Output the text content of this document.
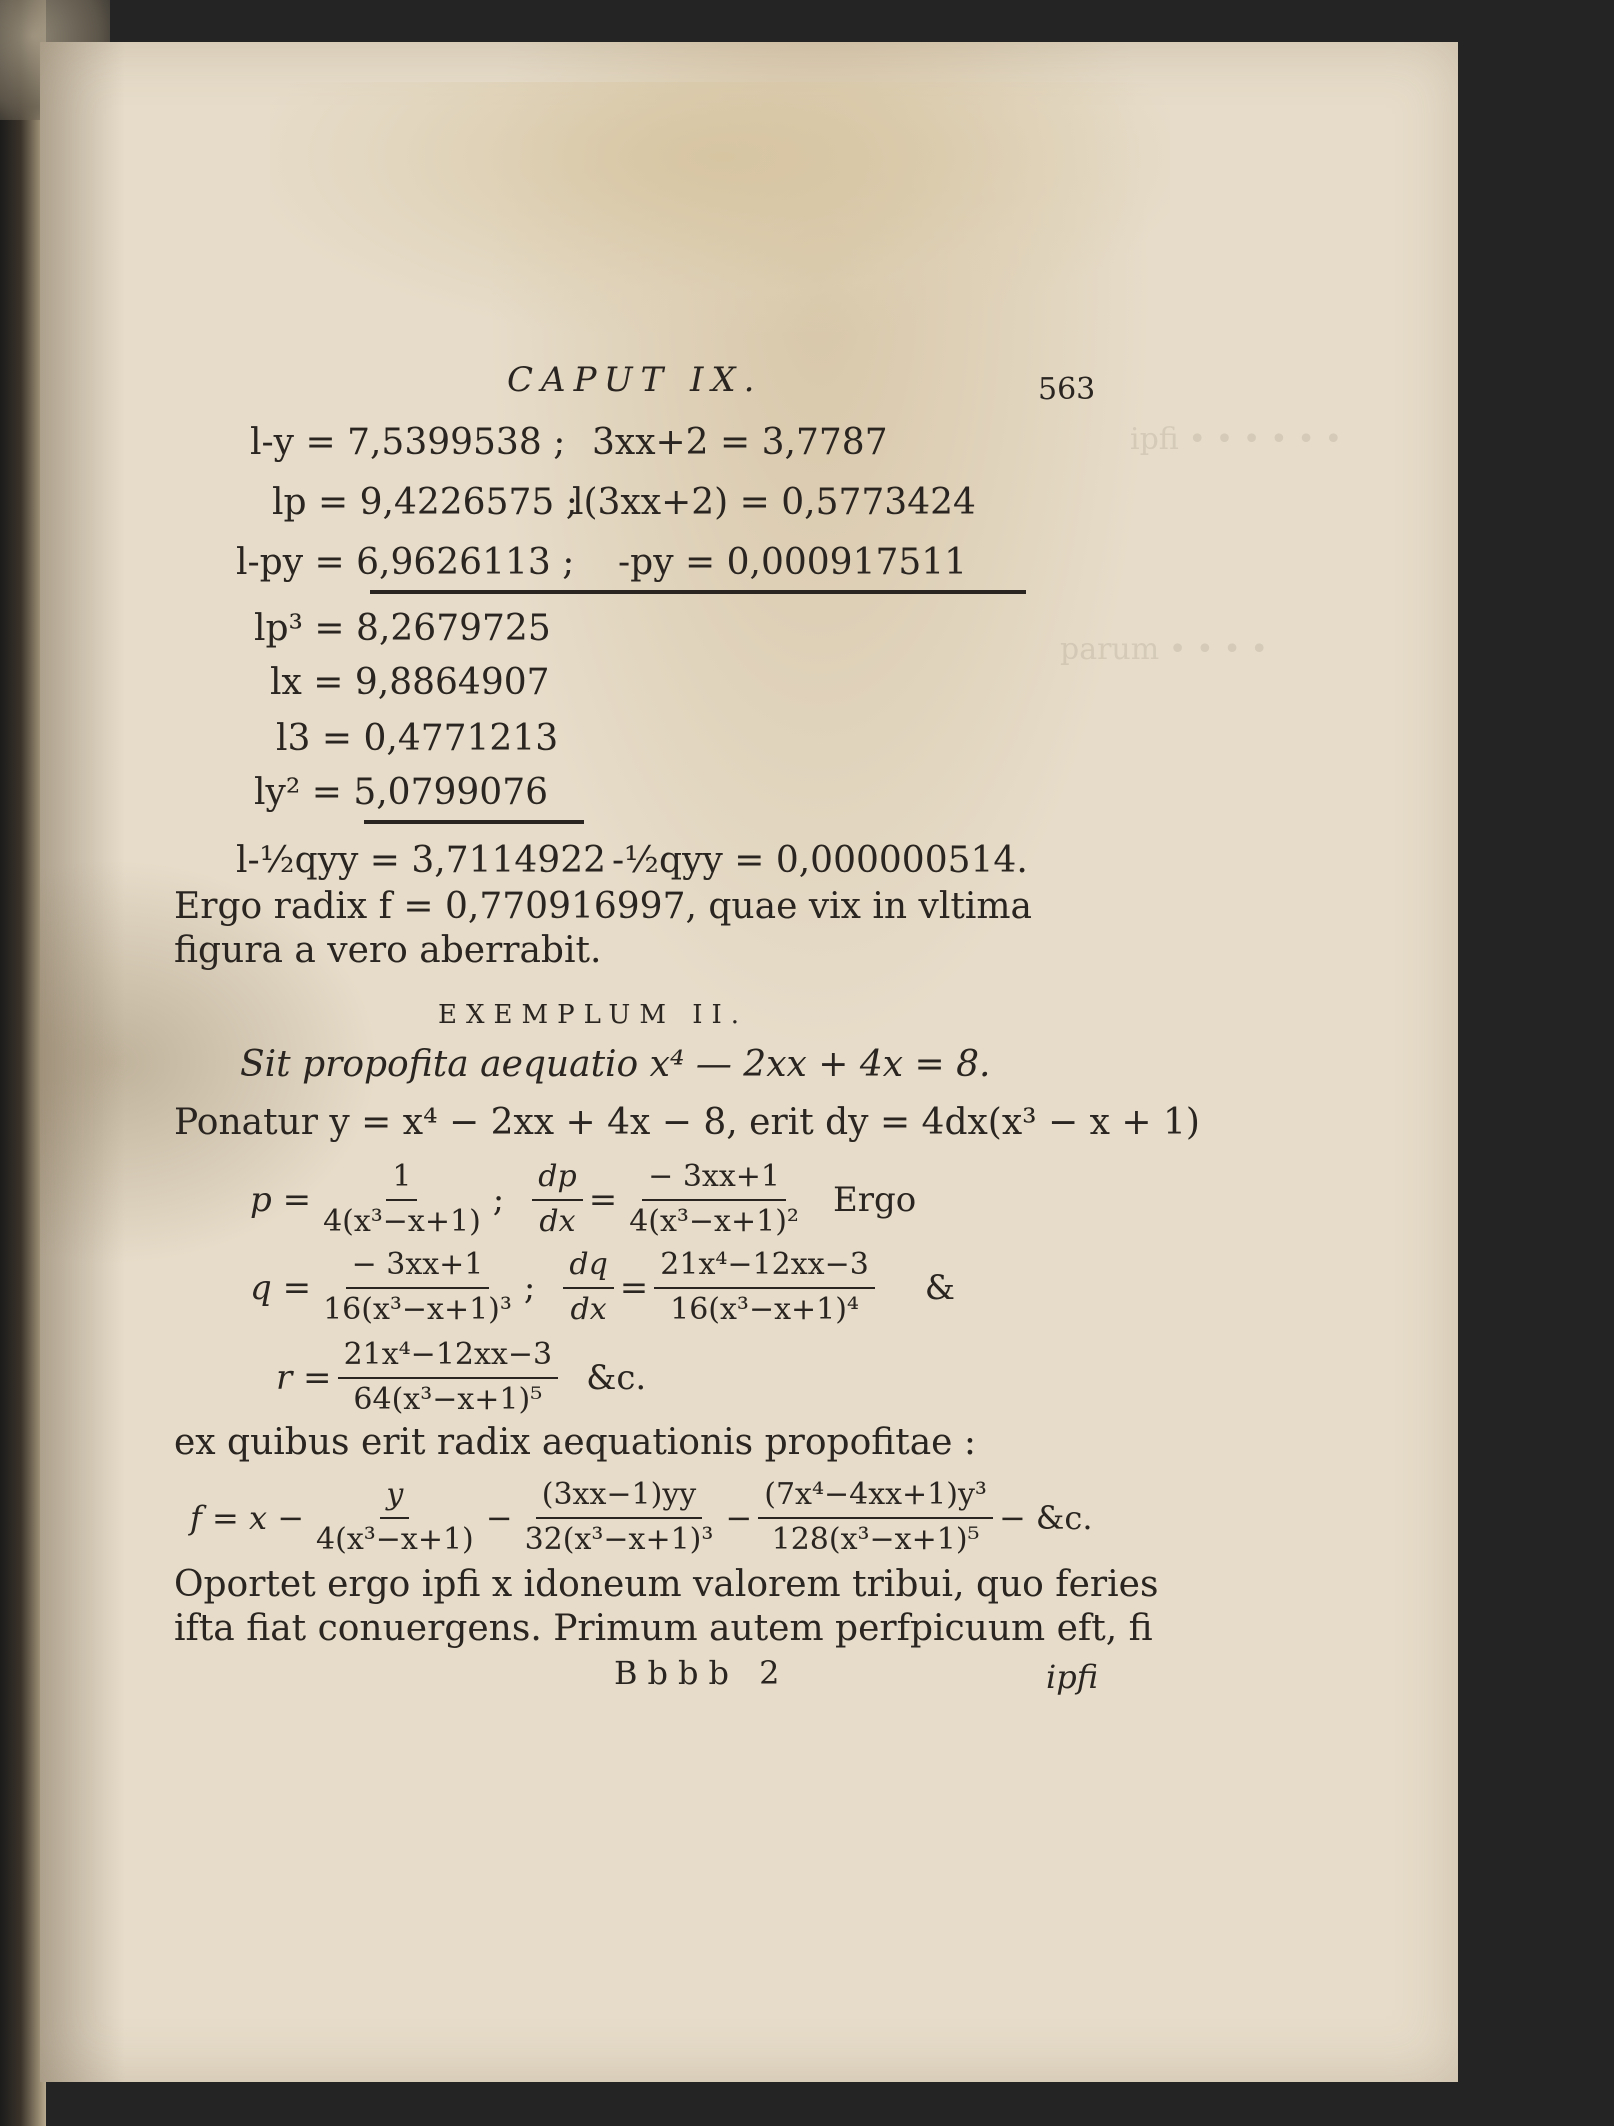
ipfi • • • • • •
parum • • • •
CAPUT IX.	563
l-y = 7,5399538 ; 3xx+2 = 3,7787
lp = 9,4226575 ;
l(3xx+2) = 0,5773424
l-py = 6,9626113 ; -py = 0,000917511
lp³ = 8,2679725
lx = 9,8864907
l3 = 0,4771213
ly² = 5,0799076
l-½qyy = 3,7114922 -½qyy = 0,000000514.
Ergo radix f = 0,770916997, quae vix in vltima
figura a vero aberrabit.
EXEMPLUM II.
Sit propofita aequatio x⁴ — 2xx + 4x = 8.
Ponatur y = x⁴ − 2xx + 4x − 8, erit dy = 4dx(x³ − x + 1)
$p = \frac{1}{\text{4(x³−x+1)}}$ ; $\frac{dp}{dx} = \frac{- 3xx+1}{\text{4(x³−x+1)²}}$ Ergo
$q = \frac{- 3xx+1}{\text{16(x³−x+1)³}}$ ; $\frac{dq}{dx} = \frac{\text{21x⁴−12xx−3}}{\text{16(x³−x+1)⁴}}$ &
$r = \frac{\text{21x⁴−12xx−3}}{\text{64(x³−x+1)⁵}}$ &c.
ex quibus erit radix aequationis propofitae :
$f = x - \frac{y}{\text{4(x³−x+1)}} - \frac{(3xx-1)yy}{\text{32(x³−x+1)³}} - \frac{\text{(7x⁴−4xx+1)y³}}{\text{128(x³−x+1)⁵}}$ − &c.
Oportet ergo ipfi x idoneum valorem tribui, quo feries
ifta fiat conuergens. Primum autem perfpicuum eft, fi
Bbbb 2	ipfi
